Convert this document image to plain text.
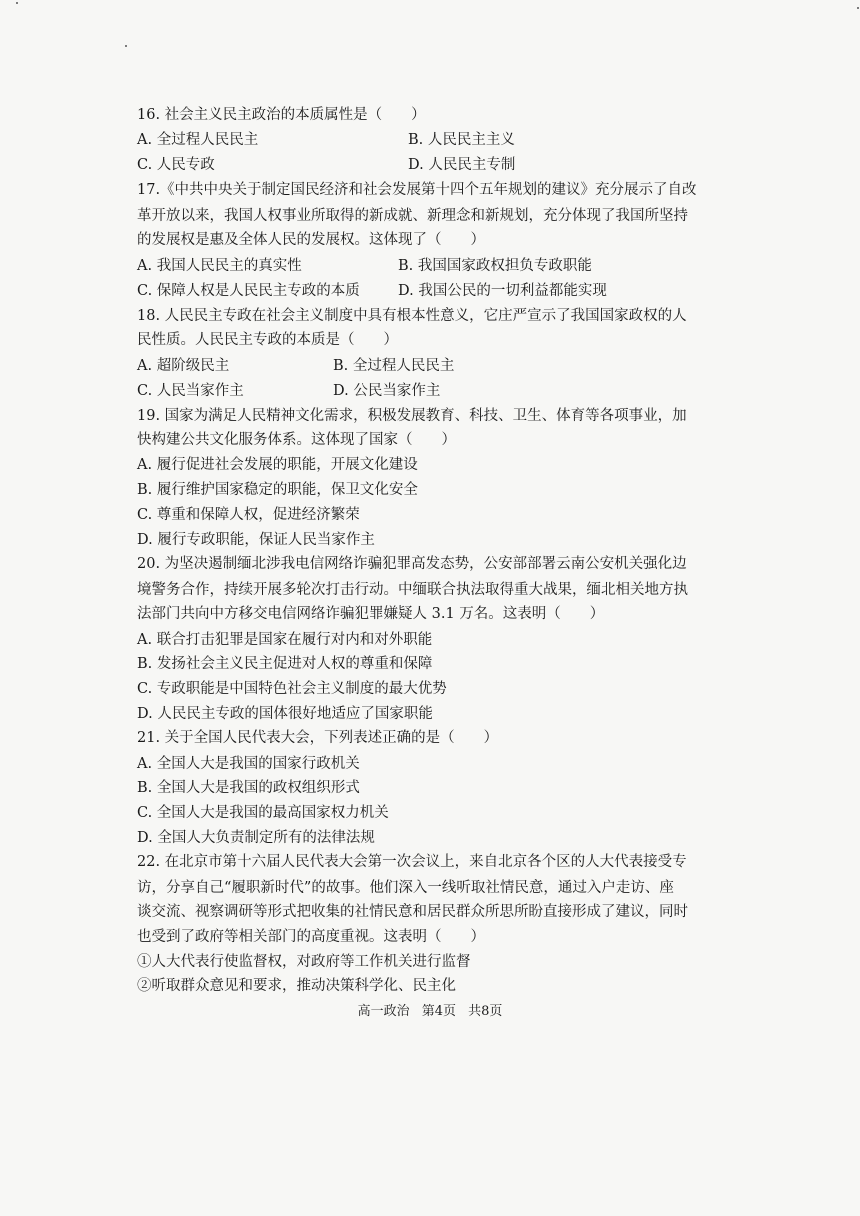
16. 社会主义民主政治的本质属性是（　　）
A. 全过程人民民主	B. 人民民主主义
C. 人民专政	D. 人民民主专制
17.《中共中央关于制定国民经济和社会发展第十四个五年规划的建议》充分展示了自改
革开放以来，我国人权事业所取得的新成就、新理念和新规划，充分体现了我国所坚持
的发展权是惠及全体人民的发展权。这体现了（　　）
A. 我国人民民主的真实性	B. 我国国家政权担负专政职能
C. 保障人权是人民民主专政的本质	D. 我国公民的一切利益都能实现
18. 人民民主专政在社会主义制度中具有根本性意义，它庄严宣示了我国国家政权的人
民性质。人民民主专政的本质是（　　）
A. 超阶级民主	B. 全过程人民民主
C. 人民当家作主	D. 公民当家作主
19. 国家为满足人民精神文化需求，积极发展教育、科技、卫生、体育等各项事业，加
快构建公共文化服务体系。这体现了国家（　　）
A. 履行促进社会发展的职能，开展文化建设
B. 履行维护国家稳定的职能，保卫文化安全
C. 尊重和保障人权，促进经济繁荣
D. 履行专政职能，保证人民当家作主
20. 为坚决遏制缅北涉我电信网络诈骗犯罪高发态势，公安部部署云南公安机关强化边
境警务合作，持续开展多轮次打击行动。中缅联合执法取得重大战果，缅北相关地方执
法部门共向中方移交电信网络诈骗犯罪嫌疑人 3.1 万名。这表明（　　）
A. 联合打击犯罪是国家在履行对内和对外职能
B. 发扬社会主义民主促进对人权的尊重和保障
C. 专政职能是中国特色社会主义制度的最大优势
D. 人民民主专政的国体很好地适应了国家职能
21. 关于全国人民代表大会，下列表述正确的是（　　）
A. 全国人大是我国的国家行政机关
B. 全国人大是我国的政权组织形式
C. 全国人大是我国的最高国家权力机关
D. 全国人大负责制定所有的法律法规
22. 在北京市第十六届人民代表大会第一次会议上，来自北京各个区的人大代表接受专
访，分享自己“履职新时代”的故事。他们深入一线听取社情民意，通过入户走访、座
谈交流、视察调研等形式把收集的社情民意和居民群众所思所盼直接形成了建议，同时
也受到了政府等相关部门的高度重视。这表明（　　）
①人大代表行使监督权，对政府等工作机关进行监督
②听取群众意见和要求，推动决策科学化、民主化
高一政治 第4页 共8页
